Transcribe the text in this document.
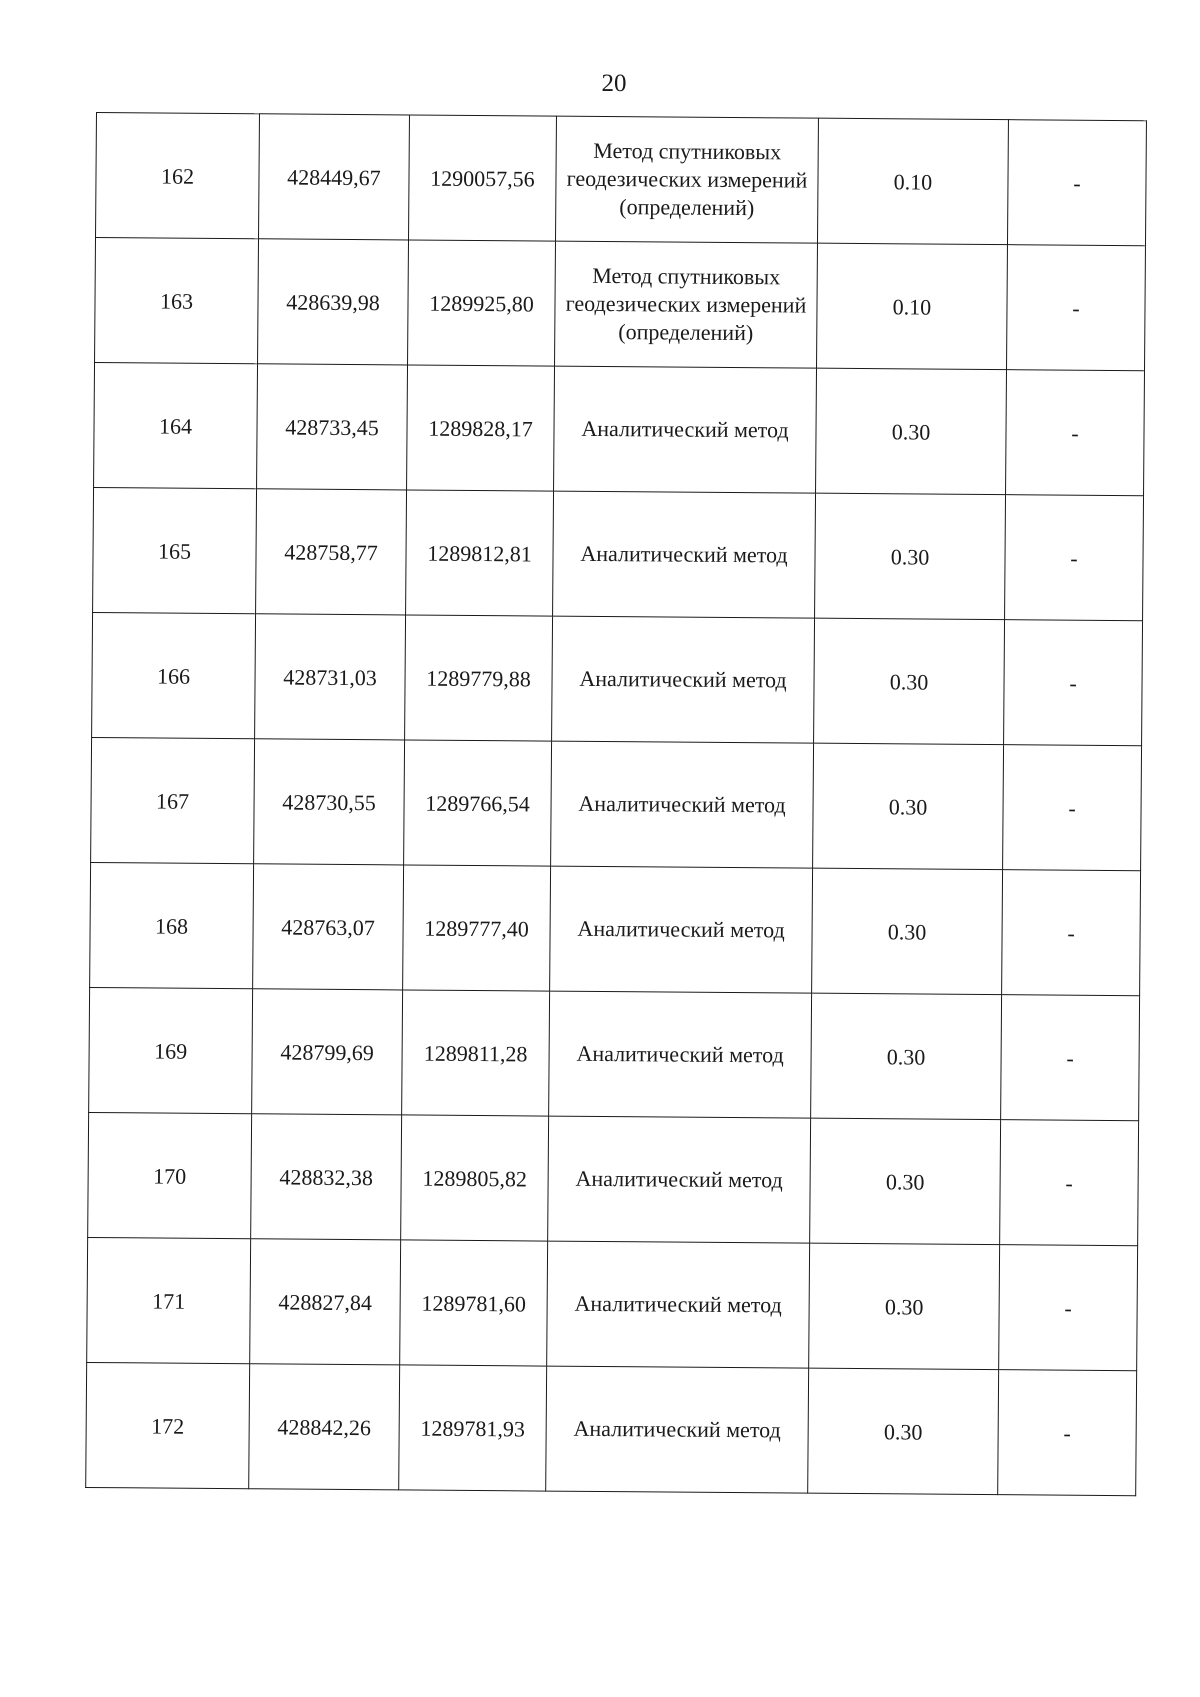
20
162	428449,67	1290057,56	Метод спутниковых геодезических измерений (определений)	0.10	-
163	428639,98	1289925,80	Метод спутниковых геодезических измерений (определений)	0.10	-
164	428733,45	1289828,17	Аналитический метод	0.30	-
165	428758,77	1289812,81	Аналитический метод	0.30	-
166	428731,03	1289779,88	Аналитический метод	0.30	-
167	428730,55	1289766,54	Аналитический метод	0.30	-
168	428763,07	1289777,40	Аналитический метод	0.30	-
169	428799,69	1289811,28	Аналитический метод	0.30	-
170	428832,38	1289805,82	Аналитический метод	0.30	-
171	428827,84	1289781,60	Аналитический метод	0.30	-
172	428842,26	1289781,93	Аналитический метод	0.30	-
